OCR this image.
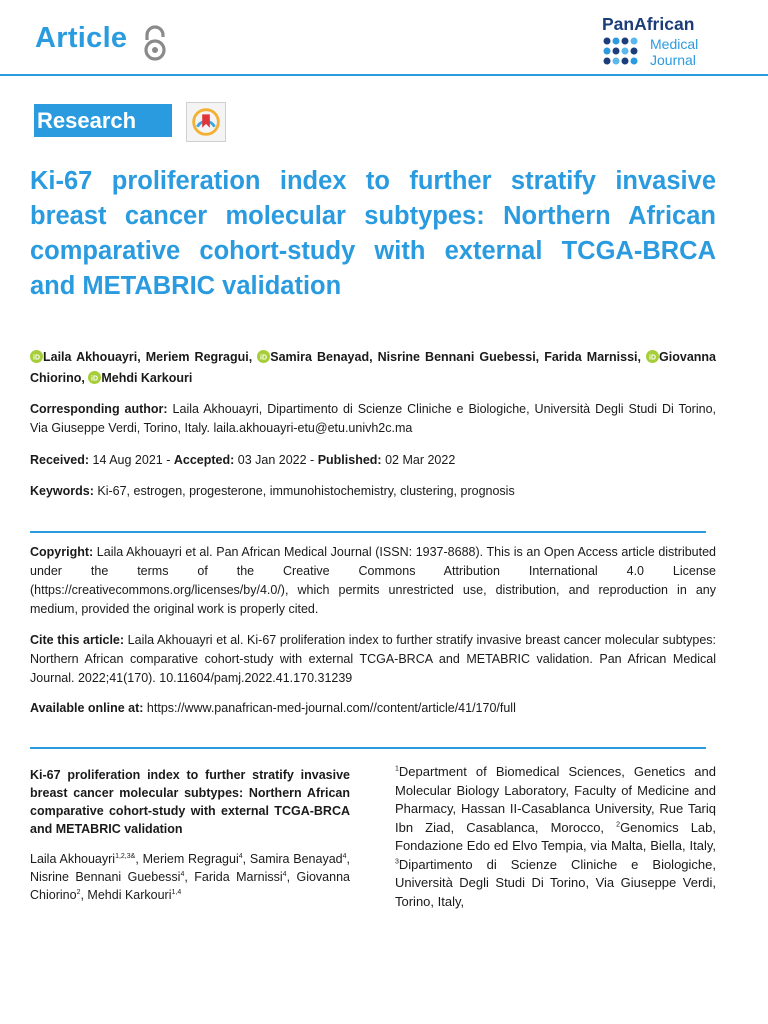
Article	PanAfrican
Medical
Journal
Research
Ki-67 proliferation index to further stratify invasive breast cancer molecular subtypes: Northern African comparative cohort-study with external TCGA-BRCA and METABRIC validation
iD Laila Akhouayri, Meriem Regragui, iD Samira Benayad, Nisrine Bennani Guebessi, Farida Marnissi, iD Giovanna Chiorino, iD Mehdi Karkouri
Corresponding author: Laila Akhouayri, Dipartimento di Scienze Cliniche e Biologiche, Università Degli Studi Di Torino, Via Giuseppe Verdi, Torino, Italy. laila.akhouayri-etu@etu.univh2c.ma
Received: 14 Aug 2021 - Accepted: 03 Jan 2022 - Published: 02 Mar 2022
Keywords: Ki-67, estrogen, progesterone, immunohistochemistry, clustering, prognosis
Copyright: Laila Akhouayri et al. Pan African Medical Journal (ISSN: 1937-8688). This is an Open Access article distributed under the terms of the Creative Commons Attribution International 4.0 License (https://creativecommons.org/licenses/by/4.0/), which permits unrestricted use, distribution, and reproduction in any medium, provided the original work is properly cited.
Cite this article: Laila Akhouayri et al. Ki-67 proliferation index to further stratify invasive breast cancer molecular subtypes: Northern African comparative cohort-study with external TCGA-BRCA and METABRIC validation. Pan African Medical Journal. 2022;41(170). 10.11604/pamj.2022.41.170.31239
Available online at: https://www.panafrican-med-journal.com//content/article/41/170/full
Ki-67 proliferation index to further stratify invasive breast cancer molecular subtypes: Northern African comparative cohort-study with external TCGA-BRCA and METABRIC validation
Laila Akhouayri$^{1,2,3\&}$, Meriem Regragui$^4$, Samira Benayad$^4$, Nisrine Bennani Guebessi$^4$, Farida Marnissi$^4$, Giovanna Chiorino$^2$, Mehdi Karkouri$^{1,4}$
$^1$Department of Biomedical Sciences, Genetics and Molecular Biology Laboratory, Faculty of Medicine and Pharmacy, Hassan II-Casablanca University, Rue Tariq Ibn Ziad, Casablanca, Morocco, $^2$Genomics Lab, Fondazione Edo ed Elvo Tempia, via Malta, Biella, Italy, $^3$Dipartimento di Scienze Cliniche e Biologiche, Università Degli Studi Di Torino, Via Giuseppe Verdi, Torino, Italy,
